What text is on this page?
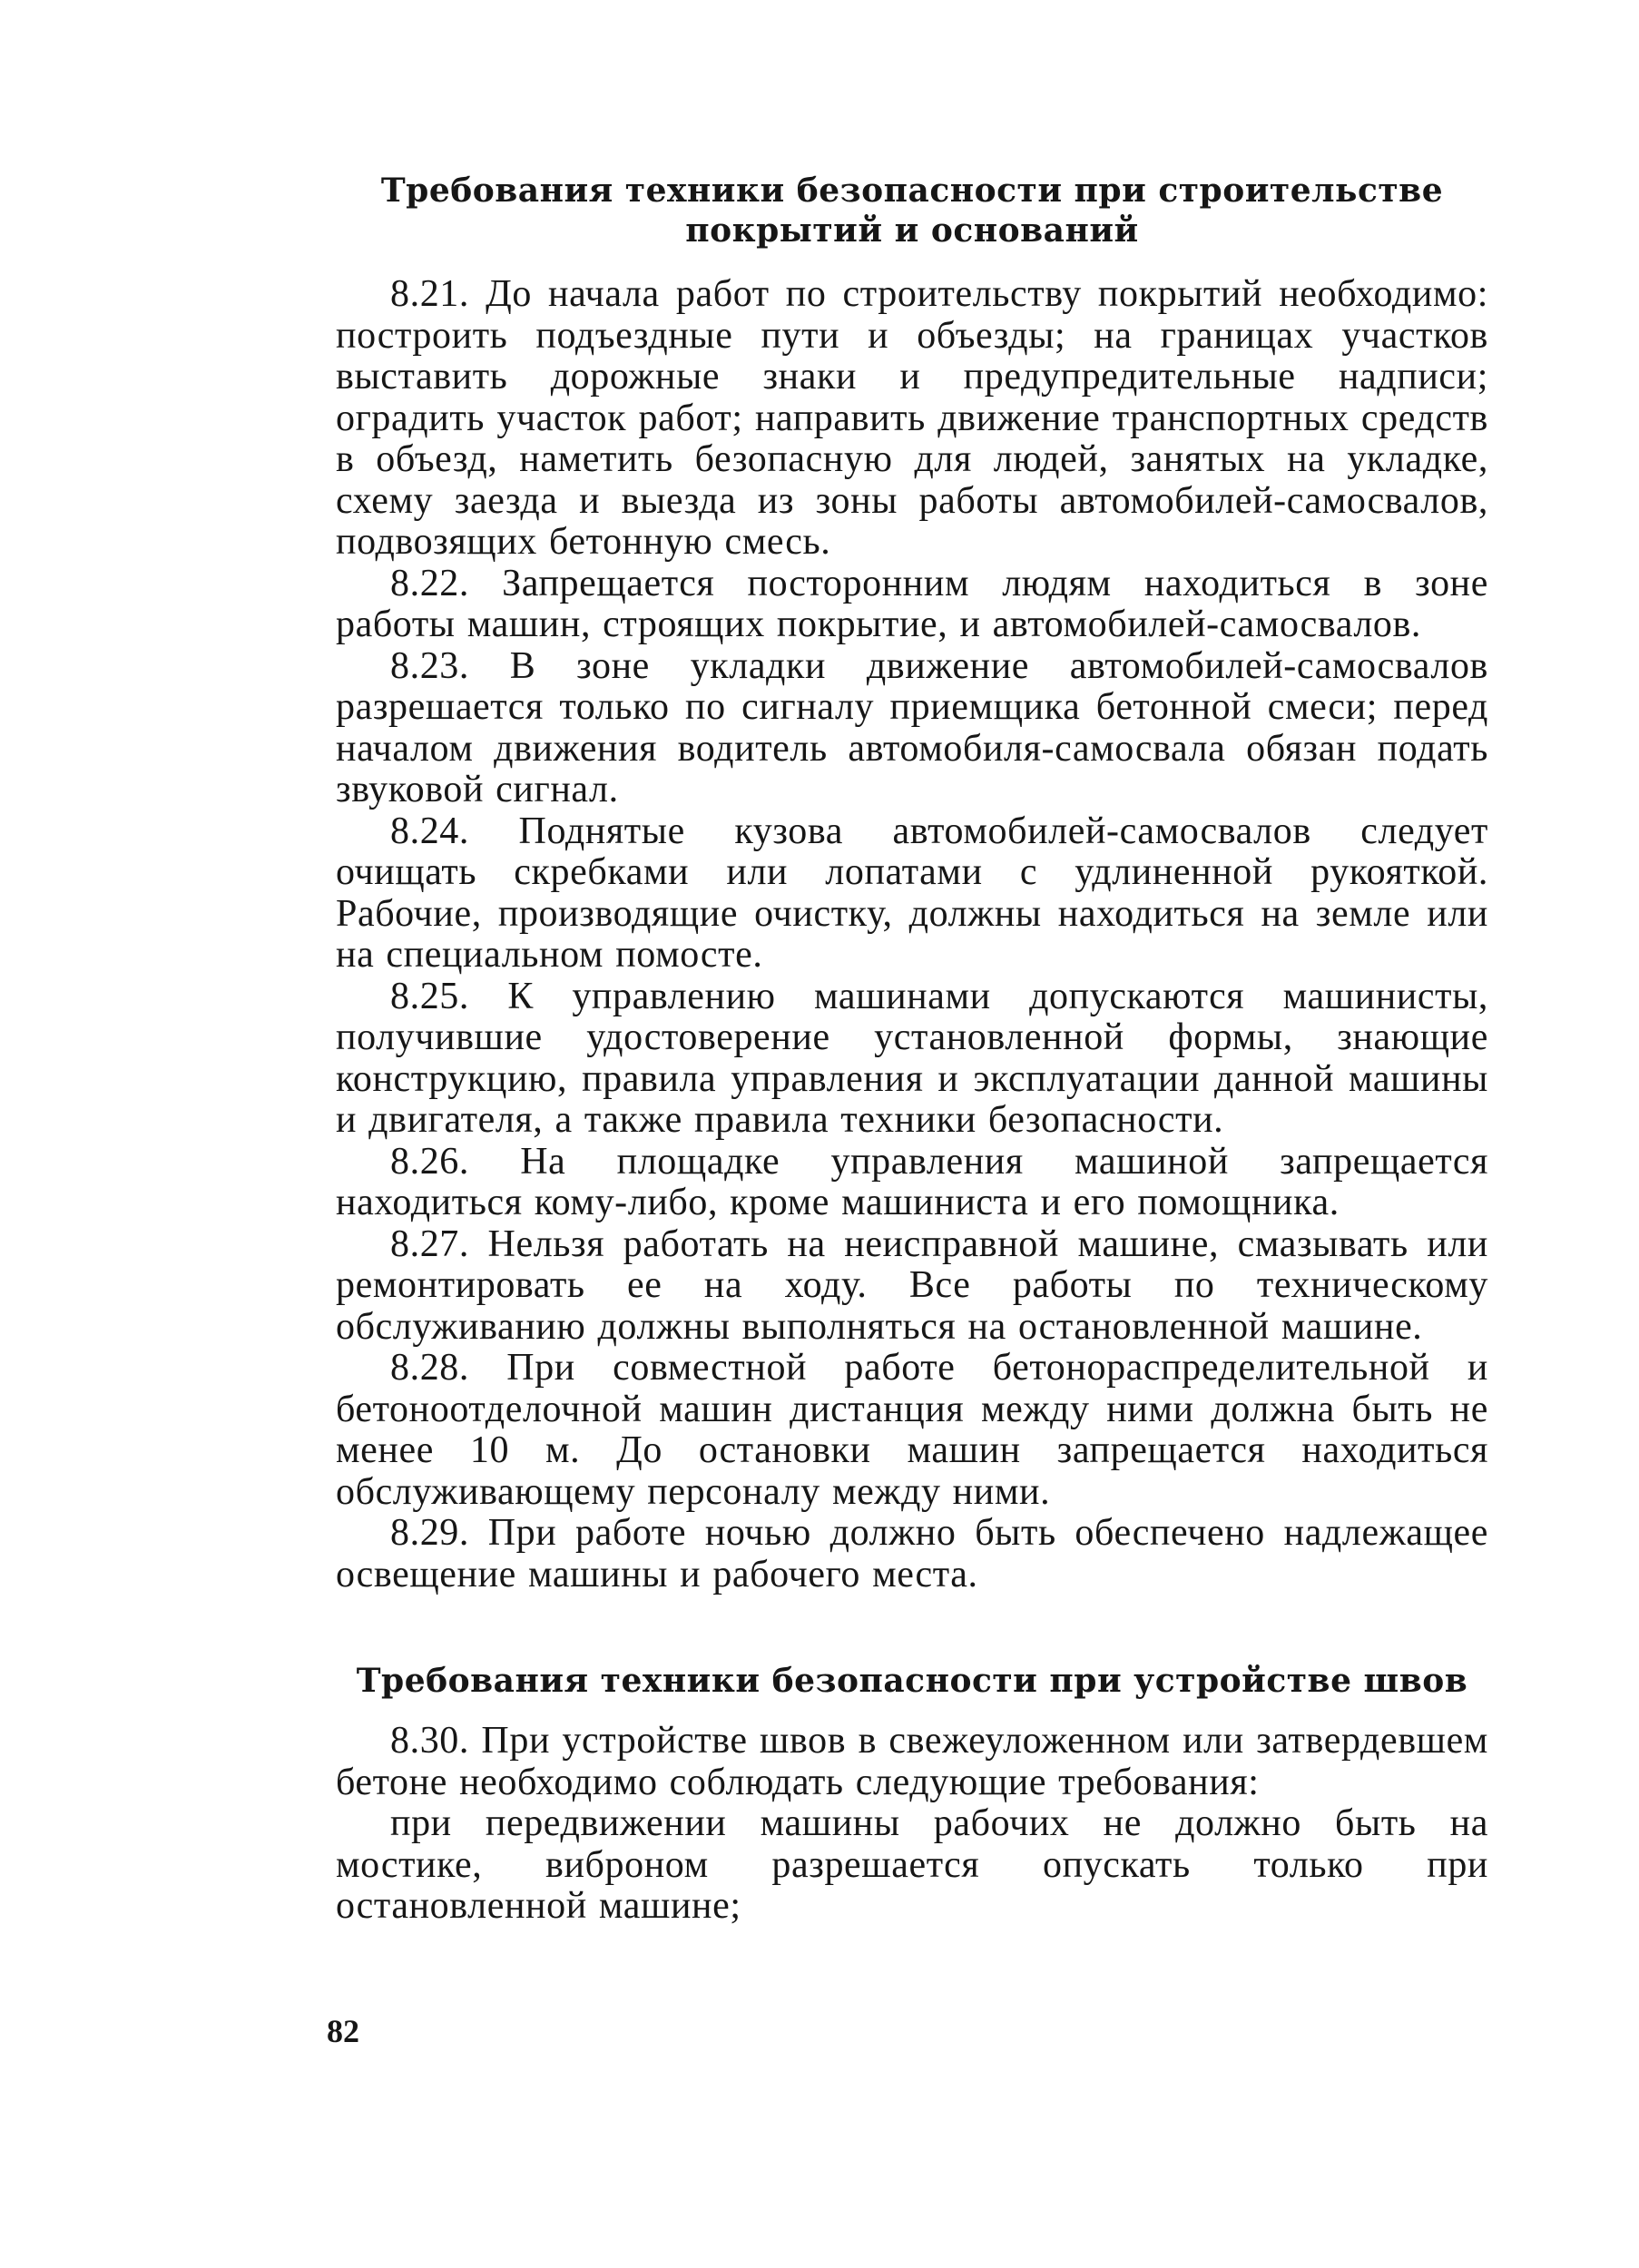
Требования техники безопасности при строительстве покрытий и оснований

8.21. До начала работ по строительству покрытий необходимо: построить подъездные пути и объезды; на границах участков выставить дорожные знаки и предупредительные надписи; оградить участок работ; направить движение транспортных средств в объезд, наметить безопасную для людей, занятых на укладке, схему заезда и выезда из зоны работы автомобилей-самосвалов, подвозящих бетонную смесь.

8.22. Запрещается посторонним людям находиться в зоне работы машин, строящих покрытие, и автомобилей-самосвалов.

8.23. В зоне укладки движение автомобилей-самосвалов разрешается только по сигналу приемщика бетонной смеси; перед началом движения водитель автомобиля-самосвала обязан подать звуковой сигнал.

8.24. Поднятые кузова автомобилей-самосвалов следует очищать скребками или лопатами с удлиненной рукояткой. Рабочие, производящие очистку, должны находиться на земле или на специальном помосте.

8.25. К управлению машинами допускаются машинисты, получившие удостоверение установленной формы, знающие конструкцию, правила управления и эксплуатации данной машины и двигателя, а также правила техники безопасности.

8.26. На площадке управления машиной запрещается находиться кому-либо, кроме машиниста и его помощника.

8.27. Нельзя работать на неисправной машине, смазывать или ремонтировать ее на ходу. Все работы по техническому обслуживанию должны выполняться на остановленной машине.

8.28. При совместной работе бетонораспределительной и бетоноотделочной машин дистанция между ними должна быть не менее 10 м. До остановки машин запрещается находиться обслуживающему персоналу между ними.

8.29. При работе ночью должно быть обеспечено надлежащее освещение машины и рабочего места.

Требования техники безопасности при устройстве швов

8.30. При устройстве швов в свежеуложенном или затвердевшем бетоне необходимо соблюдать следующие требования:

при передвижении машины рабочих не должно быть на мостике, виброном разрешается опускать только при остановленной машине;

82
